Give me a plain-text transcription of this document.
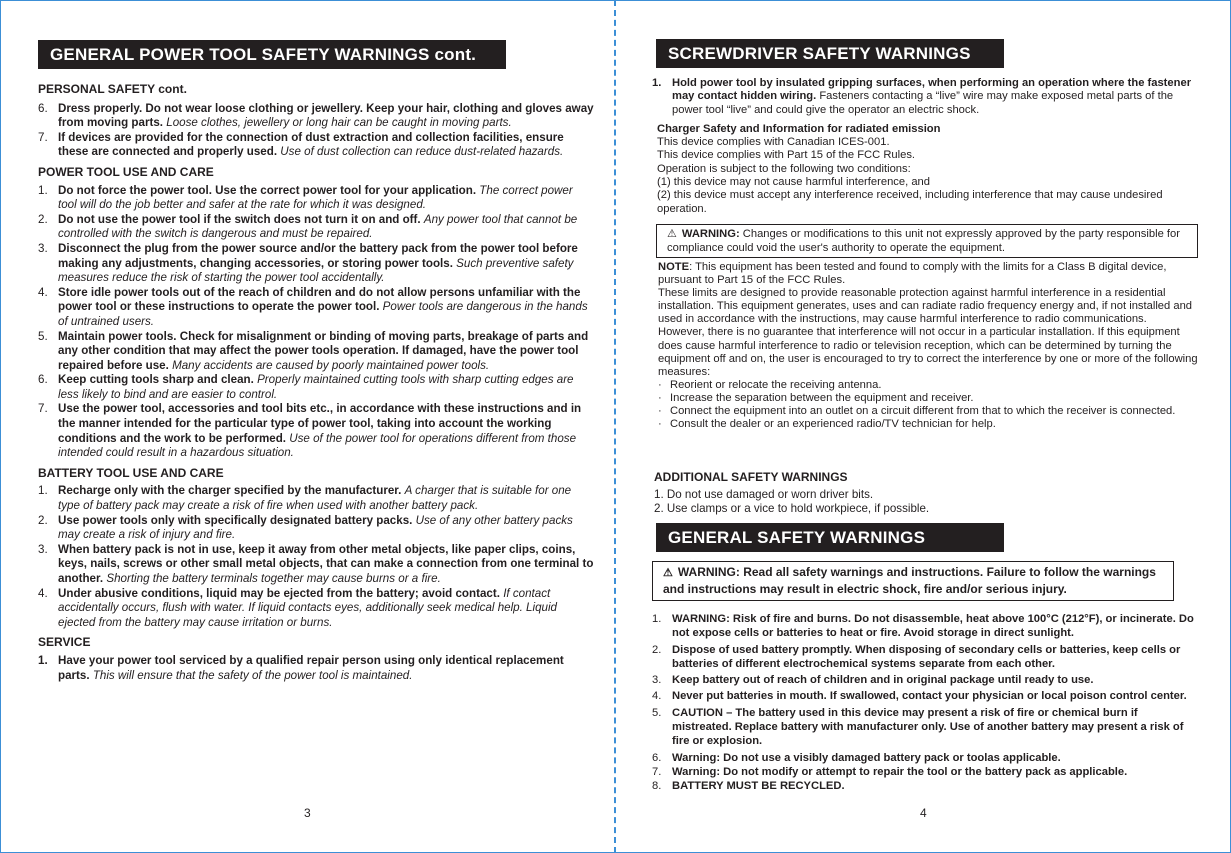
GENERAL POWER TOOL SAFETY WARNINGS cont.
PERSONAL SAFETY cont.
6. Dress properly. Do not wear loose clothing or jewellery. Keep your hair, clothing and gloves away from moving parts. Loose clothes, jewellery or long hair can be caught in moving parts.
7. If devices are provided for the connection of dust extraction and collection facilities, ensure these are connected and properly used. Use of dust collection can reduce dust-related hazards.
POWER TOOL USE AND CARE
1. Do not force the power tool. Use the correct power tool for your application. The correct power tool will do the job better and safer at the rate for which it was designed.
2. Do not use the power tool if the switch does not turn it on and off. Any power tool that cannot be controlled with the switch is dangerous and must be repaired.
3. Disconnect the plug from the power source and/or the battery pack from the power tool before making any adjustments, changing accessories, or storing power tools. Such preventive safety measures reduce the risk of starting the power tool accidentally.
4. Store idle power tools out of the reach of children and do not allow persons unfamiliar with the power tool or these instructions to operate the power tool. Power tools are dangerous in the hands of untrained users.
5. Maintain power tools. Check for misalignment or binding of moving parts, breakage of parts and any other condition that may affect the power tools operation. If damaged, have the power tool repaired before use. Many accidents are caused by poorly maintained power tools.
6. Keep cutting tools sharp and clean. Properly maintained cutting tools with sharp cutting edges are less likely to bind and are easier to control.
7. Use the power tool, accessories and tool bits etc., in accordance with these instructions and in the manner intended for the particular type of power tool, taking into account the working conditions and the work to be performed. Use of the power tool for operations different from those intended could result in a hazardous situation.
BATTERY TOOL USE AND CARE
1. Recharge only with the charger specified by the manufacturer. A charger that is suitable for one type of battery pack may create a risk of fire when used with another battery pack.
2. Use power tools only with specifically designated battery packs. Use of any other battery packs may create a risk of injury and fire.
3. When battery pack is not in use, keep it away from other metal objects, like paper clips, coins, keys, nails, screws or other small metal objects, that can make a connection from one terminal to another. Shorting the battery terminals together may cause burns or a fire.
4. Under abusive conditions, liquid may be ejected from the battery; avoid contact. If contact accidentally occurs, flush with water. If liquid contacts eyes, additionally seek medical help. Liquid ejected from the battery may cause irritation or burns.
SERVICE
1. Have your power tool serviced by a qualified repair person using only identical replacement parts. This will ensure that the safety of the power tool is maintained.
3
SCREWDRIVER SAFETY WARNINGS
1. Hold power tool by insulated gripping surfaces, when performing an operation where the fastener may contact hidden wiring. Fasteners contacting a “live” wire may make exposed metal parts of the power tool “live” and could give the operator an electric shock.
Charger Safety and Information for radiated emission
This device complies with Canadian ICES-001.
This device complies with Part 15 of the FCC Rules.
Operation is subject to the following two conditions:
(1) this device may not cause harmful interference, and
(2) this device must accept any interference received, including interference that may cause undesired operation.
⚠ WARNING: Changes or modifications to this unit not expressly approved by the party responsible for compliance could void the user's authority to operate the equipment.
NOTE: This equipment has been tested and found to comply with the limits for a Class B digital device, pursuant to Part 15 of the FCC Rules.
These limits are designed to provide reasonable protection against harmful interference in a residential installation. This equipment generates, uses and can radiate radio frequency energy and, if not installed and used in accordance with the instructions, may cause harmful interference to radio communications.
However, there is no guarantee that interference will not occur in a particular installation. If this equipment does cause harmful interference to radio or television reception, which can be determined by turning the equipment off and on, the user is encouraged to try to correct the interference by one or more of the following measures:
· Reorient or relocate the receiving antenna.
· Increase the separation between the equipment and receiver.
· Connect the equipment into an outlet on a circuit different from that to which the receiver is connected.
· Consult the dealer or an experienced radio/TV technician for help.
ADDITIONAL SAFETY WARNINGS
1. Do not use damaged or worn driver bits.
2. Use clamps or a vice to hold workpiece, if possible.
GENERAL SAFETY WARNINGS
⚠ WARNING: Read all safety warnings and instructions. Failure to follow the warnings and instructions may result in electric shock, fire and/or serious injury.
1. WARNING: Risk of fire and burns. Do not disassemble, heat above 100°C (212°F), or incinerate. Do not expose cells or batteries to heat or fire. Avoid storage in direct sunlight.
2. Dispose of used battery promptly. When disposing of secondary cells or batteries, keep cells or batteries of different electrochemical systems separate from each other.
3. Keep battery out of reach of children and in original package until ready to use.
4. Never put batteries in mouth. If swallowed, contact your physician or local poison control center.
5. CAUTION – The battery used in this device may present a risk of fire or chemical burn if mistreated. Replace battery with manufacturer only. Use of another battery may present a risk of fire or explosion.
6. Warning: Do not use a visibly damaged battery pack or toolas applicable.
7. Warning: Do not modify or attempt to repair the tool or the battery pack as applicable.
8. BATTERY MUST BE RECYCLED.
4
